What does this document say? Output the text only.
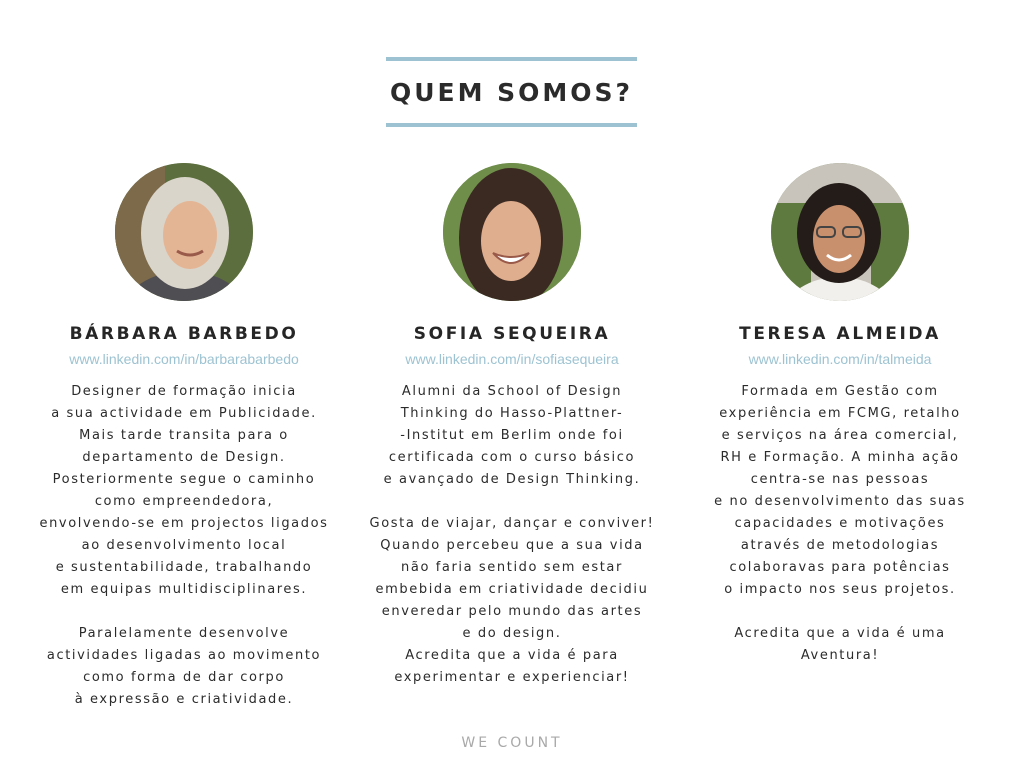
QUEM SOMOS?
BÁRBARA BARBEDO
www.linkedin.com/in/barbarabarbedo

Designer de formação inicia

a sua actividade em Publicidade.

Mais tarde transita para o

departamento de Design.

Posteriormente segue o caminho

como empreendedora,

envolvendo-se em projectos ligados

ao desenvolvimento local

e sustentabilidade, trabalhando

em equipas multidisciplinares.

Paralelamente desenvolve

actividades ligadas ao movimento

como forma de dar corpo

à expressão e criatividade.

SOFIA SEQUEIRA
www.linkedin.com/in/sofiasequeira

Alumni da School of Design

Thinking do Hasso-Plattner-

-Institut em Berlim onde foi

certificada com o curso básico

e avançado de Design Thinking.

Gosta de viajar, dançar e conviver!

Quando percebeu que a sua vida

não faria sentido sem estar

embebida em criatividade decidiu

enveredar pelo mundo das artes

e do design.

Acredita que a vida é para

experimentar e experienciar!

TERESA ALMEIDA
www.linkedin.com/in/talmeida

Formada em Gestão com

experiência em FCMG, retalho

e serviços na área comercial,

RH e Formação. A minha ação

centra-se nas pessoas

e no desenvolvimento das suas

capacidades e motivações

através de metodologias

colaboravas para potências

o impacto nos seus projetos.

Acredita que a vida é uma

Aventura!

WE COUNT
